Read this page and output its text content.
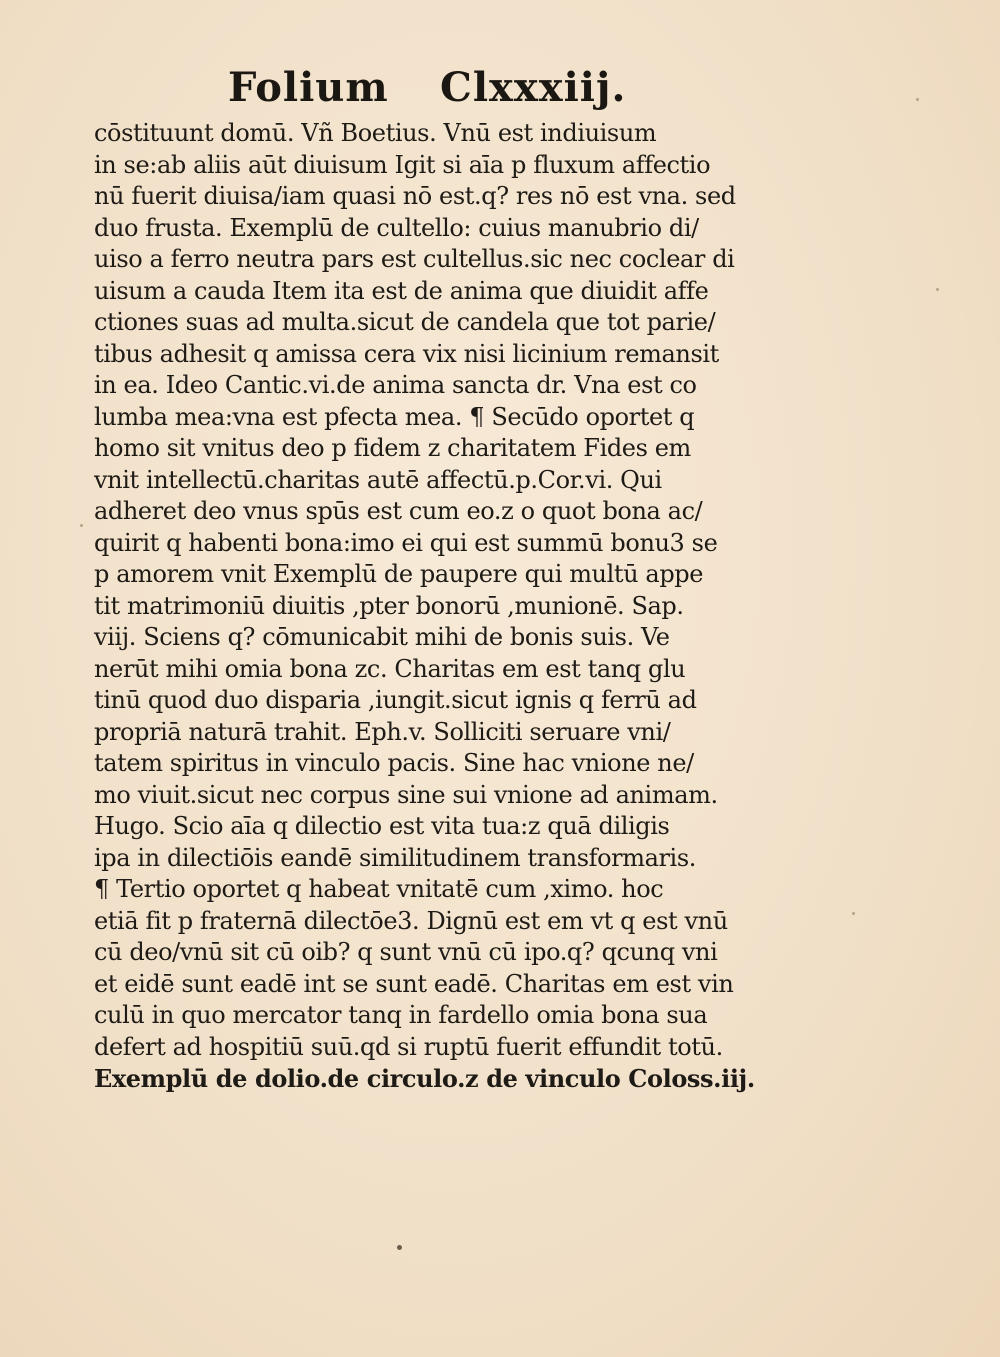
Folium Clxxxiij.
cōstituunt domū. Vñ Boetius. Vnū est indiuisum
in se:ab aliis aūt diuisum Igit si aīa p fluxum affectio
nū fuerit diuisa/iam quasi nō est.q? res nō est vna. sed
duo frusta. Exemplū de cultello: cuius manubrio di/
uiso a ferro neutra pars est cultellus.sic nec coclear di
uisum a cauda Item ita est de anima que diuidit affe
ctiones suas ad multa.sicut de candela que tot parie/
tibus adhesit q amissa cera vix nisi licinium remansit
in ea. Ideo Cantic.vi.de anima sancta dr. Vna est co
lumba mea:vna est pfecta mea. ¶ Secūdo oportet q
homo sit vnitus deo p fidem z charitatem Fides em
vnit intellectū.charitas autē affectū.p.Cor.vi. Qui
adheret deo vnus spūs est cum eo.z o quot bona ac/
quirit q habenti bona:imo ei qui est summū bonu3 se
p amorem vnit Exemplū de paupere qui multū appe
tit matrimoniū diuitis ,pter bonorū ,munionē. Sap.
viij. Sciens q? cōmunicabit mihi de bonis suis. Ve
nerūt mihi omia bona zc. Charitas em est tanq glu
tinū quod duo disparia ,iungit.sicut ignis q ferrū ad
propriā naturā trahit. Eph.v. Solliciti seruare vni/
tatem spiritus in vinculo pacis. Sine hac vnione ne/
mo viuit.sicut nec corpus sine sui vnione ad animam.
Hugo. Scio aīa q dilectio est vita tua:z quā diligis
ipa in dilectiōis eandē similitudinem transformaris.
¶ Tertio oportet q habeat vnitatē cum ,ximo. hoc
etiā fit p fraternā dilectōe3. Dignū est em vt q est vnū
cū deo/vnū sit cū oib? q sunt vnū cū ipo.q? qcunq vni
et eidē sunt eadē int se sunt eadē. Charitas em est vin
culū in quo mercator tanq in fardello omia bona sua
defert ad hospitiū suū.qd si ruptū fuerit effundit totū.
Exemplū de dolio.de circulo.z de vinculo Coloss.iij.
